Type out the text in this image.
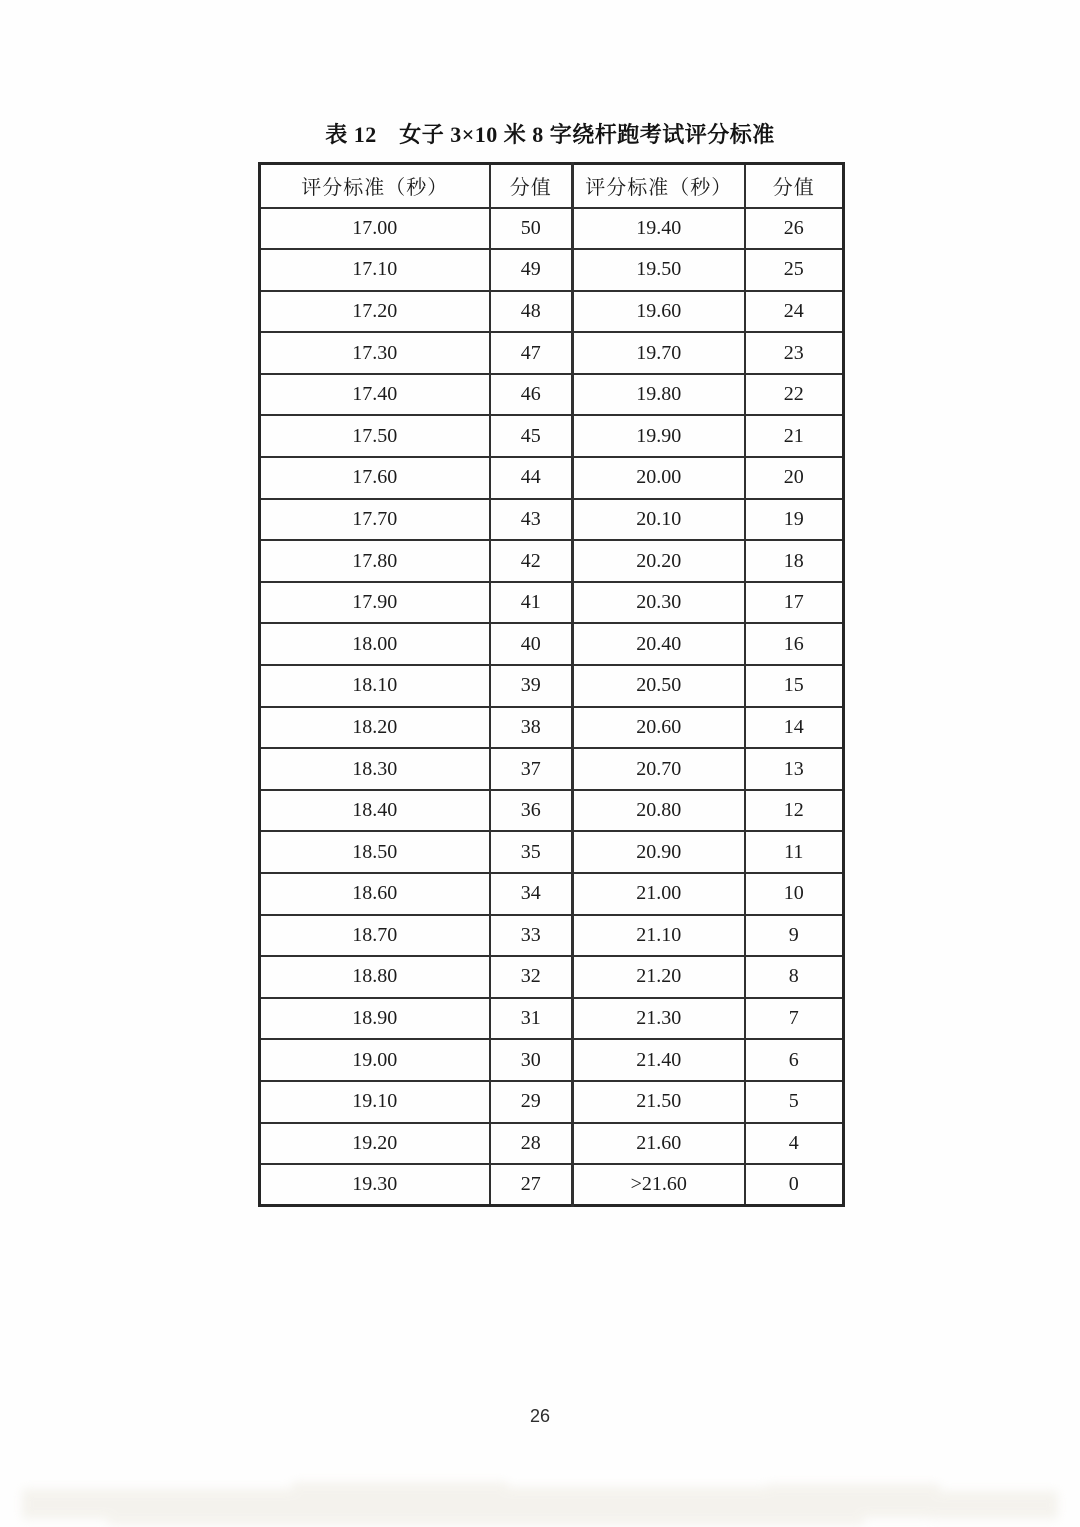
表 12　女子 3×10 米 8 字绕杆跑考试评分标准
评分标准（秒）	分值	评分标准（秒）	分值
17.00	50	19.40	26
17.10	49	19.50	25
17.20	48	19.60	24
17.30	47	19.70	23
17.40	46	19.80	22
17.50	45	19.90	21
17.60	44	20.00	20
17.70	43	20.10	19
17.80	42	20.20	18
17.90	41	20.30	17
18.00	40	20.40	16
18.10	39	20.50	15
18.20	38	20.60	14
18.30	37	20.70	13
18.40	36	20.80	12
18.50	35	20.90	11
18.60	34	21.00	10
18.70	33	21.10	9
18.80	32	21.20	8
18.90	31	21.30	7
19.00	30	21.40	6
19.10	29	21.50	5
19.20	28	21.60	4
19.30	27	>21.60	0
26
